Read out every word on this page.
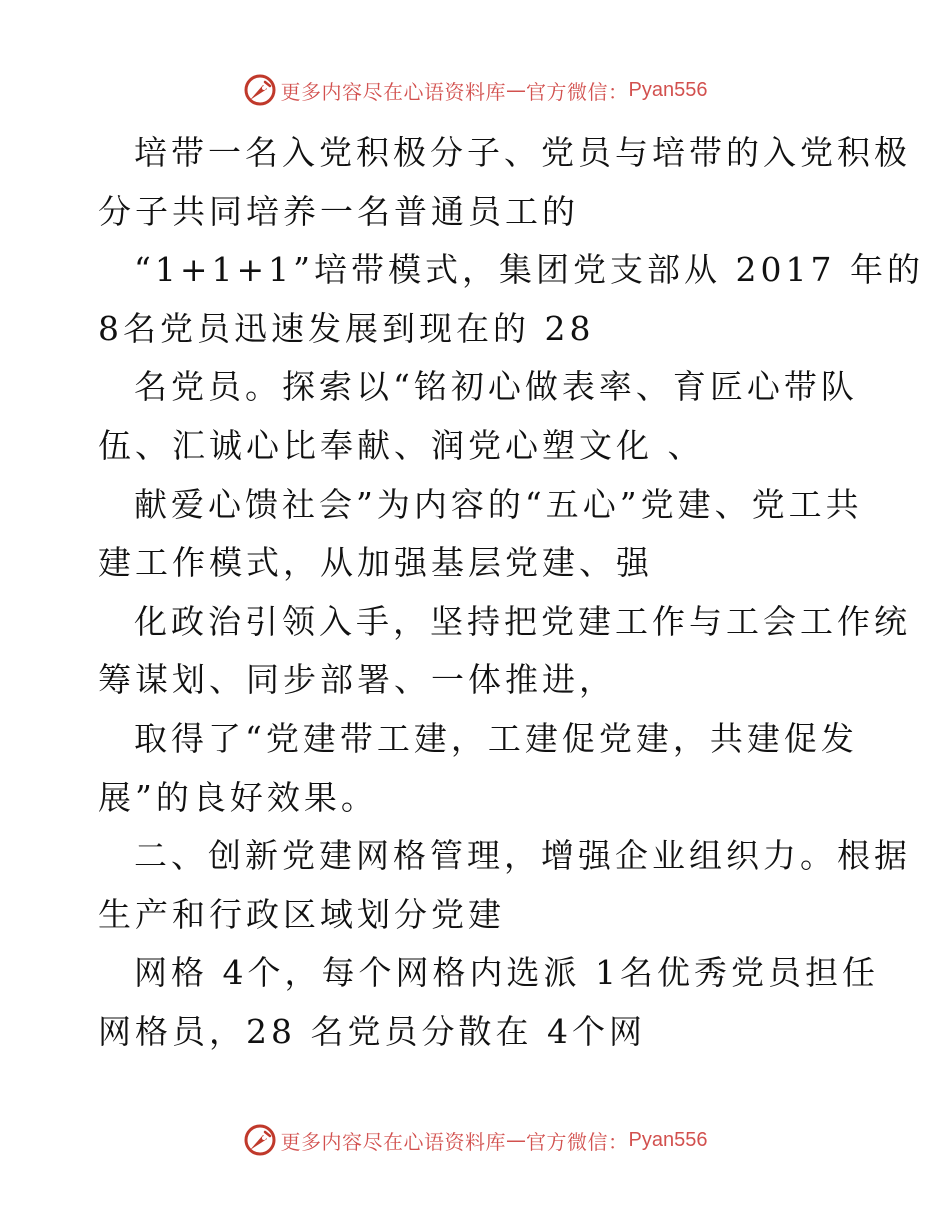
更多内容尽在心语资料库 — 官方微信： Pyan556
培带一名入党积极分子、党员与培带的入党积极
分子共同培养一名普通员工的
“1+1+1”培带模式，集团党支部从 2017 年的
8名党员迅速发展到现在的 28
名党员。探索以“铭初心做表率、育匠心带队
伍、汇诚心比奉献、润党心塑文化 、
献爱心馈社会”为内容的“五心”党建、党工共
建工作模式，从加强基层党建、强
化政治引领入手，坚持把党建工作与工会工作统
筹谋划、同步部署、一体推进，
取得了“党建带工建，工建促党建，共建促发
展”的良好效果。
二、创新党建网格管理，增强企业组织力。根据
生产和行政区域划分党建
网格 4个，每个网格内选派 1名优秀党员担任
网格员，28 名党员分散在 4个网
更多内容尽在心语资料库 — 官方微信： Pyan556
